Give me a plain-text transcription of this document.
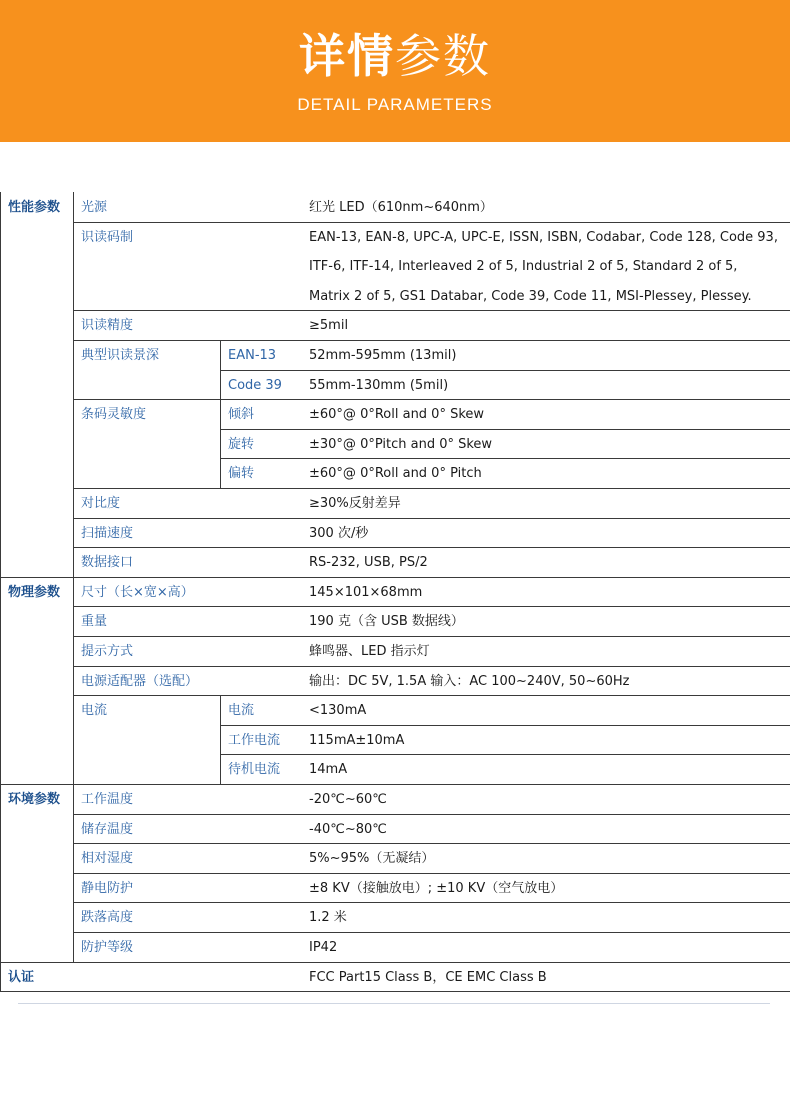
详情参数
DETAIL PARAMETERS
性能参数 光源	红光 LED（610nm~640nm）
识读码制	EAN-13, EAN-8, UPC-A, UPC-E, ISSN, ISBN, Codabar, Code 128, Code 93,
ITF-6, ITF-14, Interleaved 2 of 5, Industrial 2 of 5, Standard 2 of 5,
Matrix 2 of 5, GS1 Databar, Code 39, Code 11, MSI-Plessey, Plessey.
识读精度	≥5mil
典型识读景深	EAN-13	52mm-595mm (13mil)
Code 39 55mm-130mm (5mil)
条码灵敏度	倾斜	±60°@ 0°Roll and 0° Skew
旋转	±30°@ 0°Pitch and 0° Skew
偏转	±60°@ 0°Roll and 0° Pitch
对比度	≥30%反射差异
扫描速度	300 次/秒
数据接口	RS-232, USB, PS/2
物理参数 尺寸（长×宽×高）	145×101×68mm
重量	190 克（含 USB 数据线）
提示方式	蜂鸣器、LED 指示灯
电源适配器（选配）	输出：DC 5V, 1.5A 输入：AC 100~240V, 50~60Hz
电流	电流	<130mA
工作电流 115mA±10mA
待机电流 14mA
环境参数 工作温度	-20℃~60℃
储存温度	-40℃~80℃
相对湿度	5%~95%（无凝结）
静电防护	±8 KV（接触放电）; ±10 KV（空气放电）
跌落高度	1.2 米
防护等级	IP42
认证	FCC Part15 Class B，CE EMC Class B
